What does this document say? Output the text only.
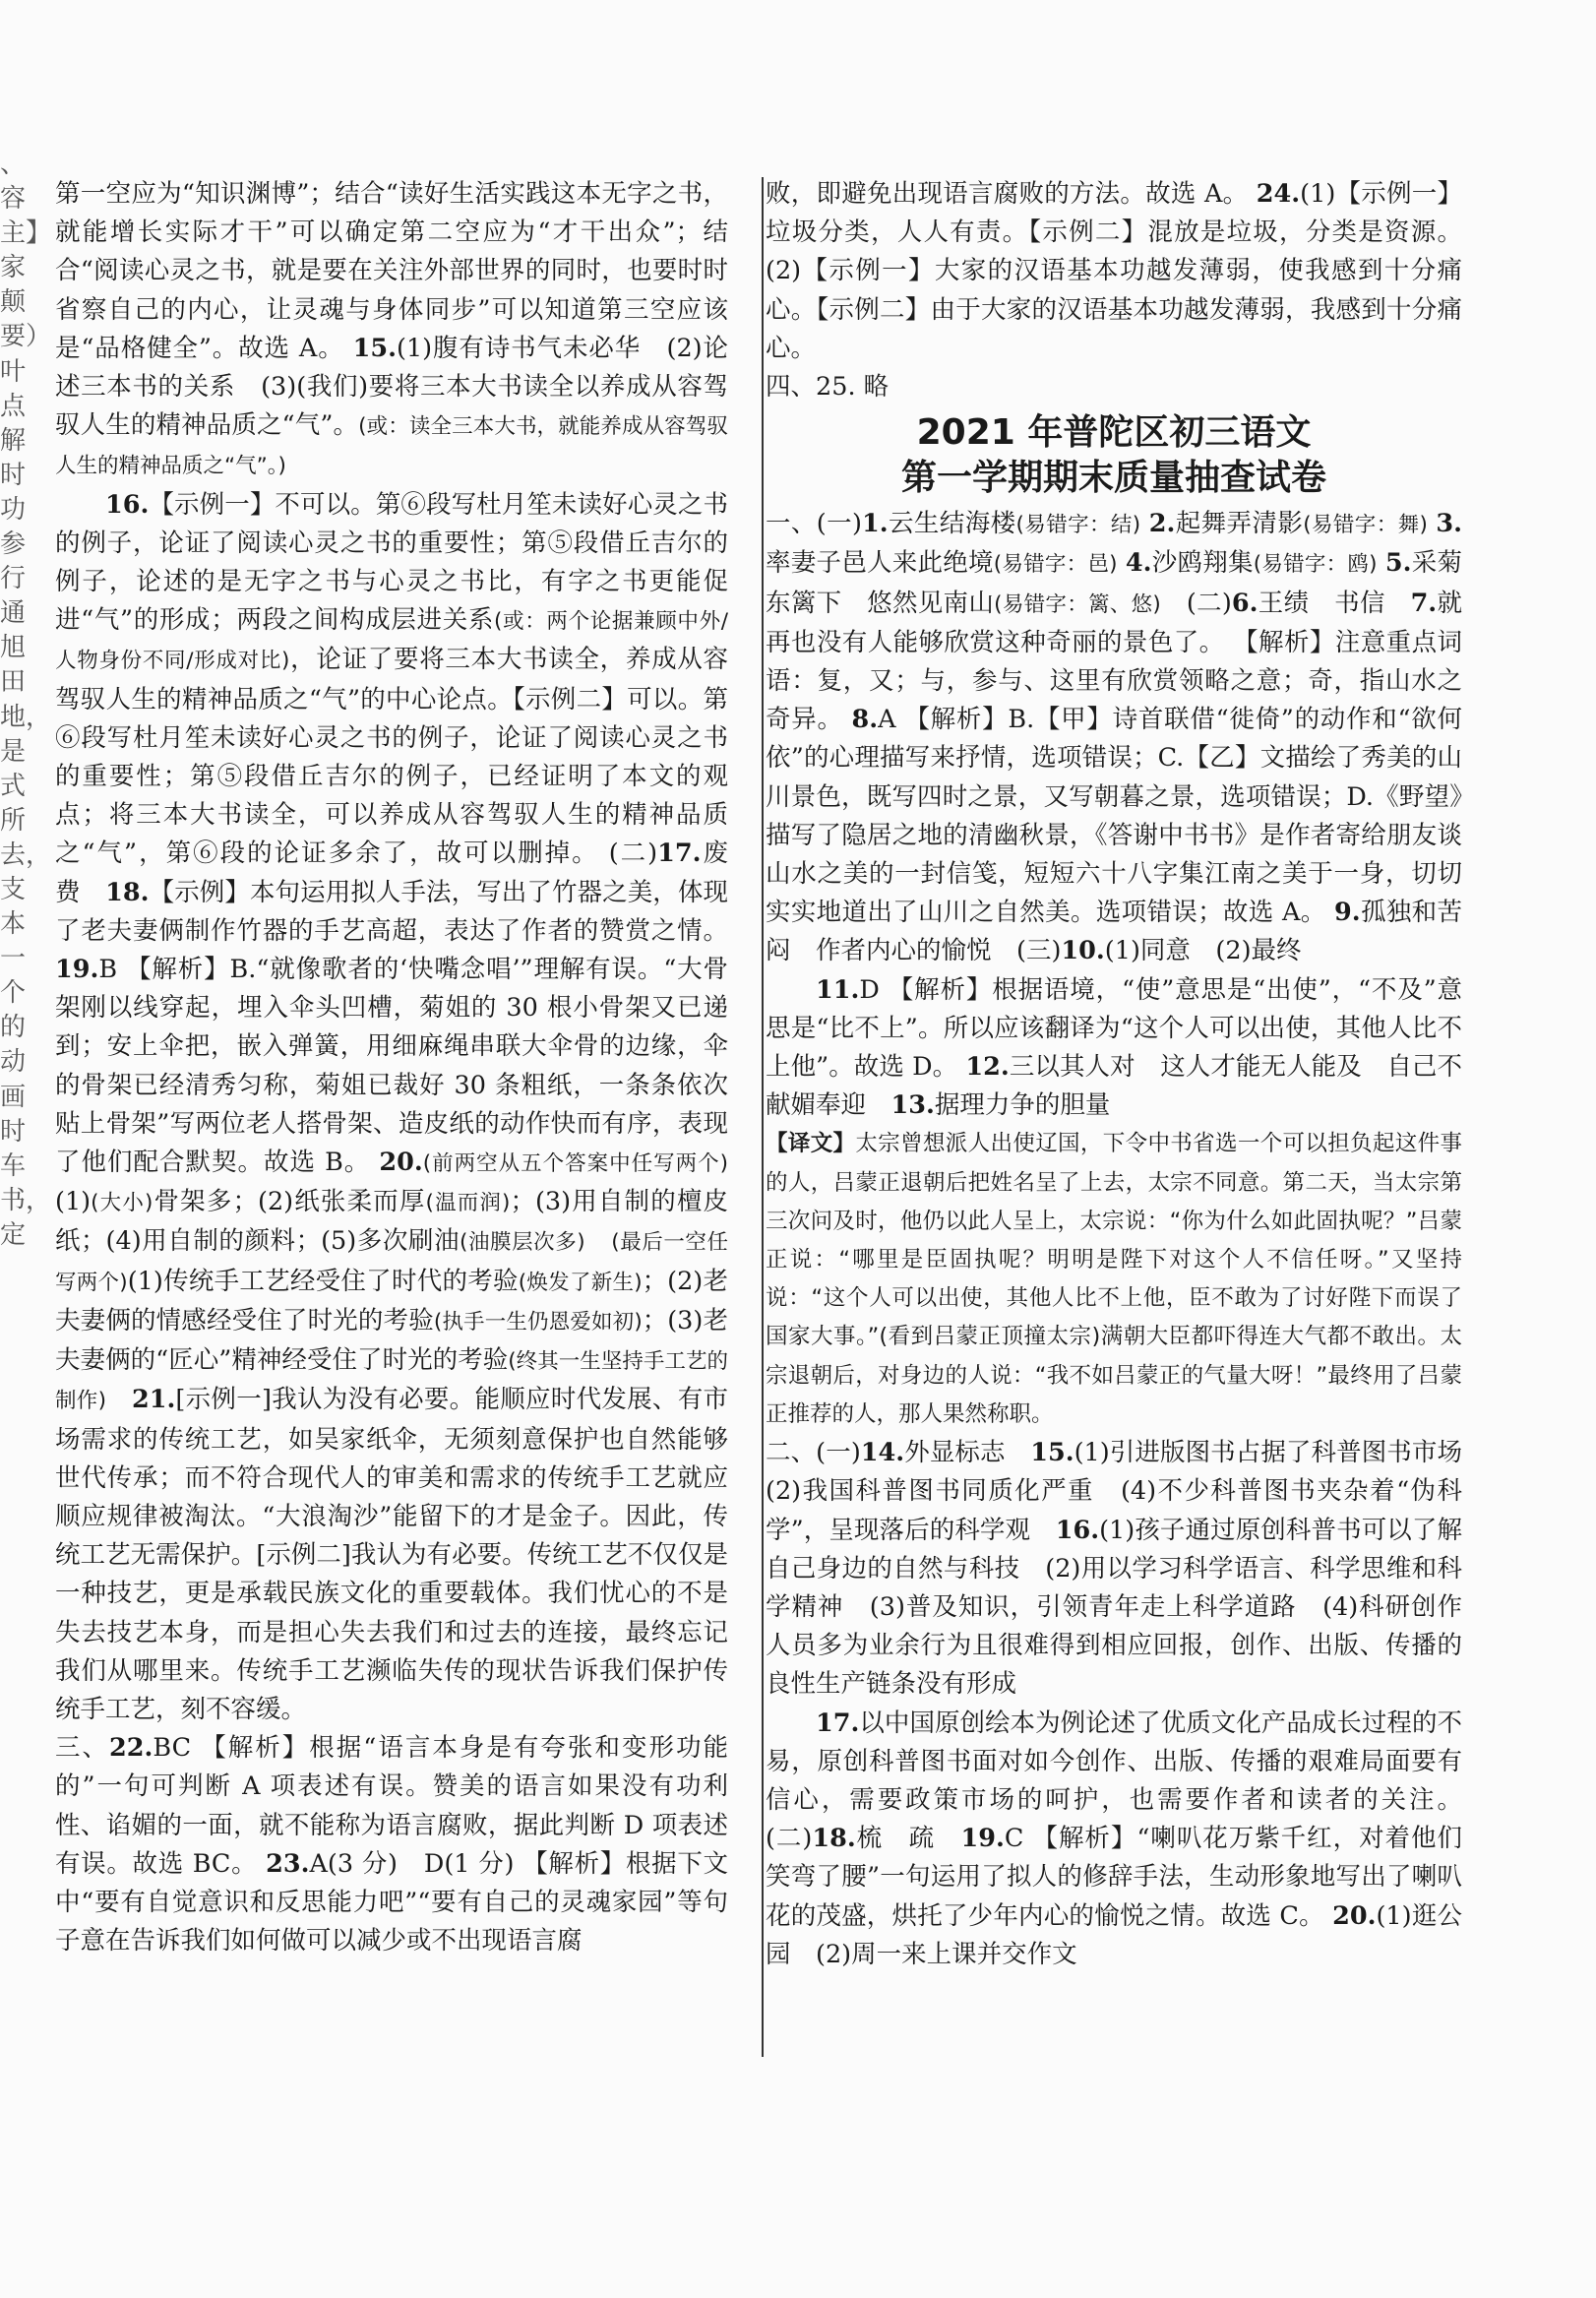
、容主】家颠要）叶点解时功参行通旭田地，是式所去，支本一个的动画时车书，定

第一空应为“知识渊博”；结合“读好生活实践这本无字之书，就能增长实际才干”可以确定第二空应为“才干出众”；结合“阅读心灵之书，就是要在关注外部世界的同时，也要时时省察自己的内心，让灵魂与身体同步”可以知道第三空应该是“品格健全”。故选 A。 15.(1)腹有诗书气未必华　(2)论述三本书的关系　(3)(我们)要将三本大书读全以养成从容驾驭人生的精神品质之“气”。(或：读全三本大书，就能养成从容驾驭人生的精神品质之“气”。)

16.【示例一】不可以。第⑥段写杜月笙未读好心灵之书的例子，论证了阅读心灵之书的重要性；第⑤段借丘吉尔的例子，论述的是无字之书与心灵之书比，有字之书更能促进“气”的形成；两段之间构成层进关系(或：两个论据兼顾中外/人物身份不同/形成对比)，论证了要将三本大书读全，养成从容驾驭人生的精神品质之“气”的中心论点。【示例二】可以。第⑥段写杜月笙未读好心灵之书的例子，论证了阅读心灵之书的重要性；第⑤段借丘吉尔的例子，已经证明了本文的观点；将三本大书读全，可以养成从容驾驭人生的精神品质之“气”，第⑥段的论证多余了，故可以删掉。 (二)17.废　费　18.【示例】本句运用拟人手法，写出了竹器之美，体现了老夫妻俩制作竹器的手艺高超，表达了作者的赞赏之情。 19.B 【解析】B.“就像歌者的‘快嘴念唱’”理解有误。“大骨架刚以线穿起，埋入伞头凹槽，菊姐的 30 根小骨架又已递到；安上伞把，嵌入弹簧，用细麻绳串联大伞骨的边缘，伞的骨架已经清秀匀称，菊姐已裁好 30 条粗纸，一条条依次贴上骨架”写两位老人搭骨架、造皮纸的动作快而有序，表现了他们配合默契。故选 B。 20.(前两空从五个答案中任写两个)(1)(大小)骨架多；(2)纸张柔而厚(温而润)；(3)用自制的檀皮纸；(4)用自制的颜料；(5)多次刷油(油膜层次多)　 (最后一空任写两个)(1)传统手工艺经受住了时代的考验(焕发了新生)；(2)老夫妻俩的情感经受住了时光的考验(执手一生仍恩爱如初)；(3)老夫妻俩的“匠心”精神经受住了时光的考验(终其一生坚持手工艺的制作)　 21.[示例一]我认为没有必要。能顺应时代发展、有市场需求的传统工艺，如吴家纸伞，无须刻意保护也自然能够世代传承；而不符合现代人的审美和需求的传统手工艺就应顺应规律被淘汰。“大浪淘沙”能留下的才是金子。因此，传统工艺无需保护。[示例二]我认为有必要。传统工艺不仅仅是一种技艺，更是承载民族文化的重要载体。我们忧心的不是失去技艺本身，而是担心失去我们和过去的连接，最终忘记我们从哪里来。传统手工艺濒临失传的现状告诉我们保护传统手工艺，刻不容缓。

三、22.BC 【解析】根据“语言本身是有夸张和变形功能的”一句可判断 A 项表述有误。赞美的语言如果没有功利性、谄媚的一面，就不能称为语言腐败，据此判断 D 项表述有误。故选 BC。 23.A(3 分)　D(1 分) 【解析】根据下文中“要有自觉意识和反思能力吧”“要有自己的灵魂家园”等句子意在告诉我们如何做可以减少或不出现语言腐

败，即避免出现语言腐败的方法。故选 A。 24.(1)【示例一】垃圾分类，人人有责。【示例二】混放是垃圾，分类是资源。 (2)【示例一】大家的汉语基本功越发薄弱，使我感到十分痛心。【示例二】由于大家的汉语基本功越发薄弱，我感到十分痛心。

四、25. 略

2021 年普陀区初三语文
第一学期期末质量抽查试卷

一、(一)1.云生结海楼(易错字：结) 2.起舞弄清影(易错字：舞) 3.率妻子邑人来此绝境(易错字：邑) 4.沙鸥翔集(易错字：鸥) 5.采菊东篱下　悠然见南山(易错字：篱、悠)　(二)6.王绩　书信　7.就再也没有人能够欣赏这种奇丽的景色了。 【解析】注意重点词语：复，又；与，参与、这里有欣赏领略之意；奇，指山水之奇异。 8.A 【解析】B.【甲】诗首联借“徙倚”的动作和“欲何依”的心理描写来抒情，选项错误；C.【乙】文描绘了秀美的山川景色，既写四时之景，又写朝暮之景，选项错误；D.《野望》描写了隐居之地的清幽秋景，《答谢中书书》是作者寄给朋友谈山水之美的一封信笺，短短六十八字集江南之美于一身，切切实实地道出了山川之自然美。选项错误；故选 A。 9.孤独和苦闷　作者内心的愉悦　(三)10.(1)同意　(2)最终

11.D 【解析】根据语境，“使”意思是“出使”，“不及”意思是“比不上”。所以应该翻译为“这个人可以出使，其他人比不上他”。故选 D。 12.三以其人对　这人才能无人能及　自己不献媚奉迎　13.据理力争的胆量

【译文】太宗曾想派人出使辽国，下令中书省选一个可以担负起这件事的人，吕蒙正退朝后把姓名呈了上去，太宗不同意。第二天，当太宗第三次问及时，他仍以此人呈上，太宗说：“你为什么如此固执呢？”吕蒙正说：“哪里是臣固执呢？明明是陛下对这个人不信任呀。”又坚持说：“这个人可以出使，其他人比不上他，臣不敢为了讨好陛下而误了国家大事。”(看到吕蒙正顶撞太宗)满朝大臣都吓得连大气都不敢出。太宗退朝后，对身边的人说：“我不如吕蒙正的气量大呀！”最终用了吕蒙正推荐的人，那人果然称职。

二、(一)14.外显标志　15.(1)引进版图书占据了科普图书市场　(2)我国科普图书同质化严重　(4)不少科普图书夹杂着“伪科学”，呈现落后的科学观　16.(1)孩子通过原创科普书可以了解自己身边的自然与科技　(2)用以学习科学语言、科学思维和科学精神　(3)普及知识，引领青年走上科学道路　(4)科研创作人员多为业余行为且很难得到相应回报，创作、出版、传播的良性生产链条没有形成

17.以中国原创绘本为例论述了优质文化产品成长过程的不易，原创科普图书面对如今创作、出版、传播的艰难局面要有信心，需要政策市场的呵护，也需要作者和读者的关注。 (二)18.梳　疏　19.C 【解析】“喇叭花万紫千红，对着他们笑弯了腰”一句运用了拟人的修辞手法，生动形象地写出了喇叭花的茂盛，烘托了少年内心的愉悦之情。故选 C。 20.(1)逛公园　(2)周一来上课并交作文
